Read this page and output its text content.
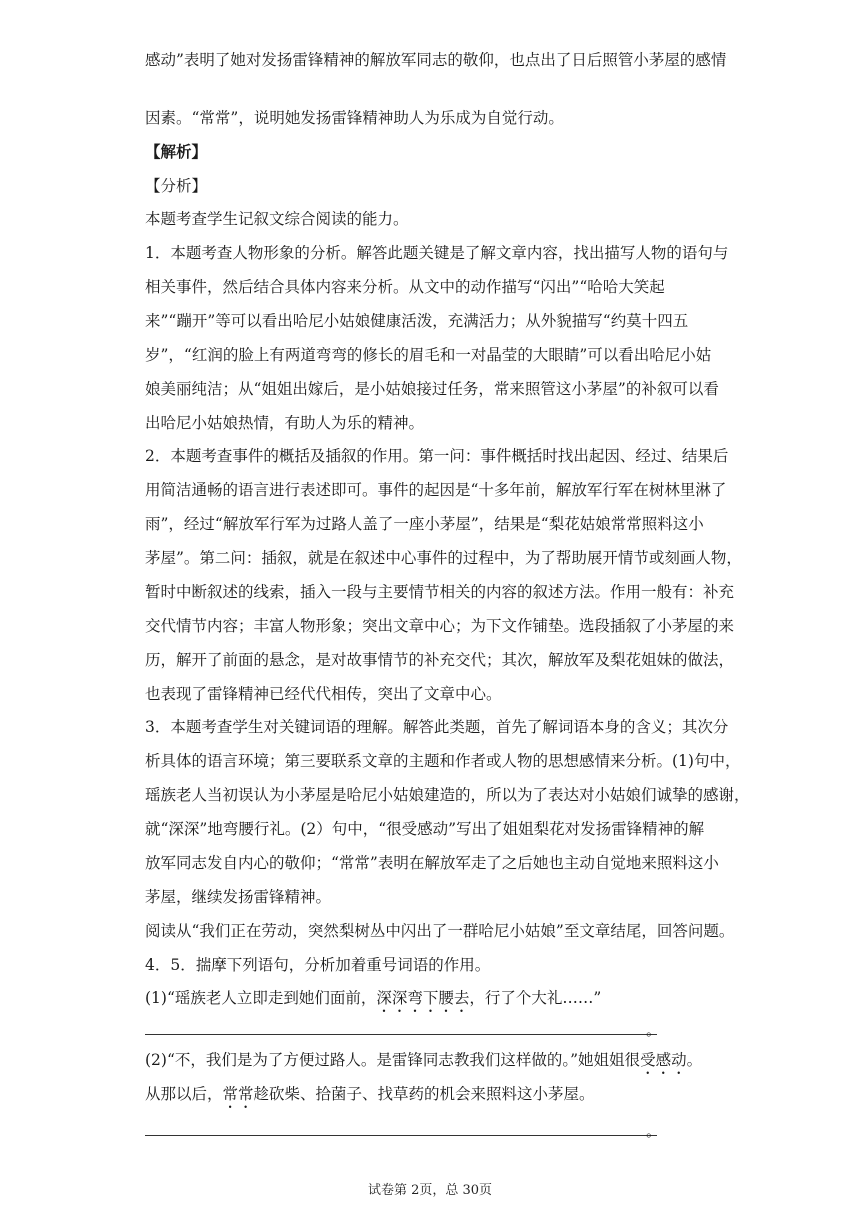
感动”表明了她对发扬雷锋精神的解放军同志的敬仰，也点出了日后照管小茅屋的感情
因素。“常常”，说明她发扬雷锋精神助人为乐成为自觉行动。
【解析】
【分析】
本题考查学生记叙文综合阅读的能力。
1．本题考查人物形象的分析。解答此题关键是了解文章内容，找出描写人物的语句与
相关事件，然后结合具体内容来分析。从文中的动作描写“闪出”“哈哈大笑起
来”“蹦开”等可以看出哈尼小姑娘健康活泼，充满活力；从外貌描写“约莫十四五
岁”，“红润的脸上有两道弯弯的修长的眉毛和一对晶莹的大眼睛”可以看出哈尼小姑
娘美丽纯洁；从“姐姐出嫁后，是小姑娘接过任务，常来照管这小茅屋”的补叙可以看
出哈尼小姑娘热情，有助人为乐的精神。
2．本题考查事件的概括及插叙的作用。第一问：事件概括时找出起因、经过、结果后
用简洁通畅的语言进行表述即可。事件的起因是“十多年前，解放军行军在树林里淋了
雨”，经过“解放军行军为过路人盖了一座小茅屋”，结果是“梨花姑娘常常照料这小
茅屋”。第二问：插叙，就是在叙述中心事件的过程中，为了帮助展开情节或刻画人物，
暂时中断叙述的线索，插入一段与主要情节相关的内容的叙述方法。作用一般有：补充
交代情节内容；丰富人物形象；突出文章中心；为下文作铺垫。选段插叙了小茅屋的来
历，解开了前面的悬念，是对故事情节的补充交代；其次，解放军及梨花姐妹的做法，
也表现了雷锋精神已经代代相传，突出了文章中心。
3．本题考查学生对关键词语的理解。解答此类题，首先了解词语本身的含义；其次分
析具体的语言环境；第三要联系文章的主题和作者或人物的思想感情来分析。(1)句中，
瑶族老人当初误认为小茅屋是哈尼小姑娘建造的，所以为了表达对小姑娘们诚挚的感谢，
就“深深”地弯腰行礼。(2）句中，“很受感动”写出了姐姐梨花对发扬雷锋精神的解
放军同志发自内心的敬仰；“常常”表明在解放军走了之后她也主动自觉地来照料这小
茅屋，继续发扬雷锋精神。
阅读从“我们正在劳动，突然梨树丛中闪出了一群哈尼小姑娘”至文章结尾，回答问题。
4．5．揣摩下列语句，分析加着重号词语的作用。
(1)“瑶族老人立即走到她们面前，深深弯下腰去，行了个大礼……”
。
(2)“不，我们是为了方便过路人。是雷锋同志教我们这样做的。”她姐姐很受感动。
从那以后，常常趁砍柴、拾菌子、找草药的机会来照料这小茅屋。
。
试卷第 2页，总 30页
